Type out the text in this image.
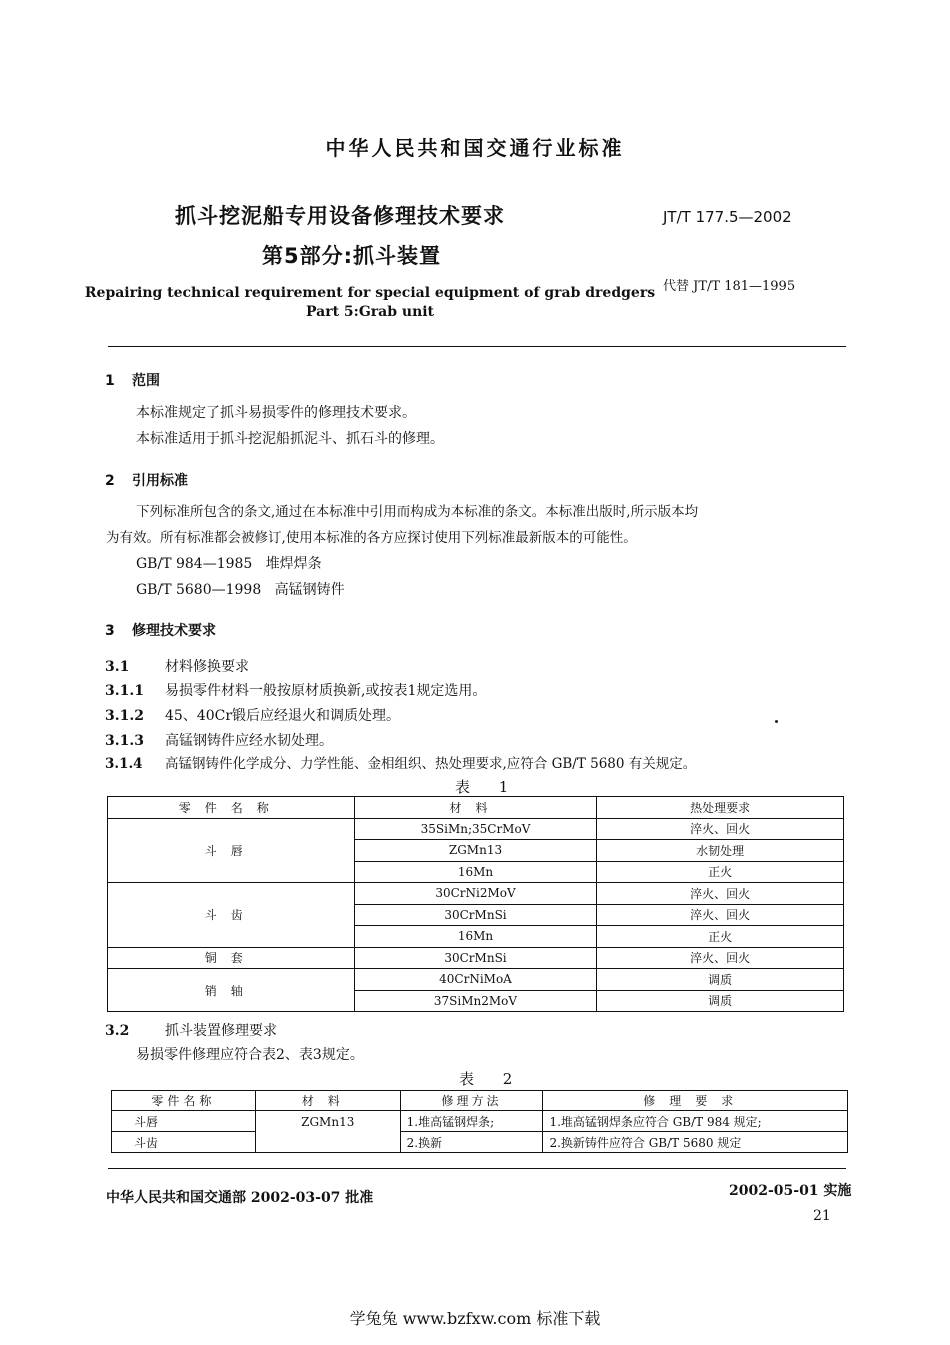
中华人民共和国交通行业标准
抓斗挖泥船专用设备修理技术要求
第5部分:抓斗装置
JT/T 177.5—2002
代替 JT/T 181—1995
Repairing technical requirement for special equipment of grab dredgers
Part 5:Grab unit
1 范围
本标准规定了抓斗易损零件的修理技术要求。
本标准适用于抓斗挖泥船抓泥斗、抓石斗的修理。
2 引用标准
下列标准所包含的条文,通过在本标准中引用而构成为本标准的条文。本标准出版时,所示版本均
为有效。所有标准都会被修订,使用本标准的各方应探讨使用下列标准最新版本的可能性。
GB/T 984—1985   堆焊焊条
GB/T 5680—1998   高锰钢铸件
3 修理技术要求
3.1	材料修换要求
3.1.1 易损零件材料一般按原材质换新,或按表1规定选用。
3.1.2 45、40Cr锻后应经退火和调质处理。
3.1.3 高锰钢铸件应经水韧处理。
3.1.4 高锰钢铸件化学成分、力学性能、金相组织、热处理要求,应符合 GB/T 5680 有关规定。
表 1
零件名称	材料	热处理要求
斗唇	35SiMn;35CrMoV	淬火、回火
	ZGMn13	水韧处理
	16Mn	正火
斗齿	30CrNi2MoV	淬火、回火
	30CrMnSi	淬火、回火
	16Mn	正火
铜套	30CrMnSi	淬火、回火
销轴	40CrNiMoA	调质
	37SiMn2MoV	调质
3.2	抓斗装置修理要求
易损零件修理应符合表2、表3规定。
表 2
零件名称	材料	修理方法	修理要求
斗唇	ZGMn13	1.堆高锰钢焊条;	1.堆高锰钢焊条应符合 GB/T 984 规定;
斗齿		2.换新	2.换新铸件应符合 GB/T 5680 规定
中华人民共和国交通部 2002-03-07 批准	2002-05-01 实施
21
学兔兔 www.bzfxw.com 标准下载
